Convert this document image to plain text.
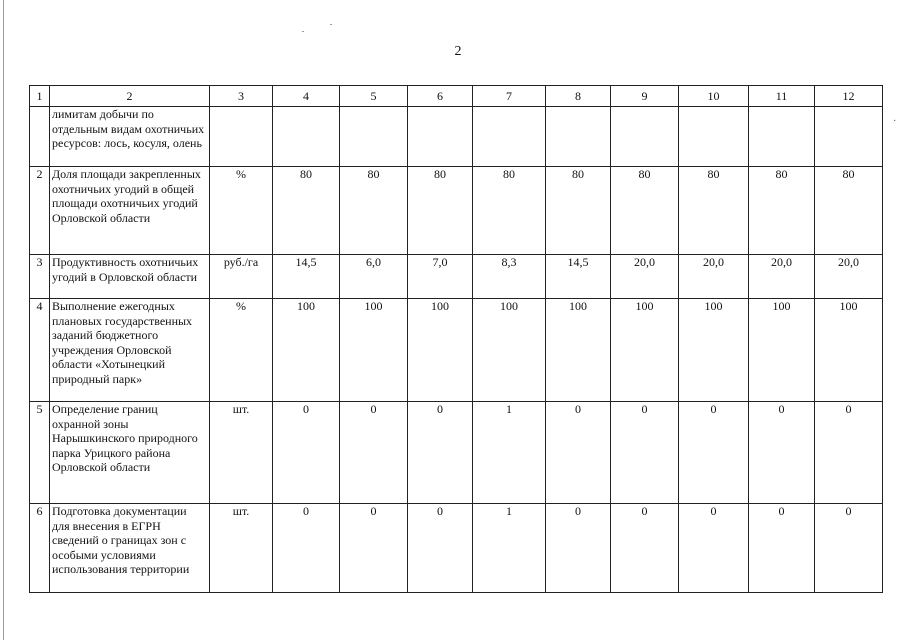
·
2
1	2	3	4	5	6	7	8	9	10	11	12
	лимитам добычи по отдельным видам охотничьих ресурсов: лось, косуля, олень										
2	Доля площади закрепленных охотничьих угодий в общей площади охотничьих угодий Орловской области	%	80	80	80	80	80	80	80	80	80
3	Продуктивность охотничьих угодий в Орловской области	руб./га	14,5	6,0	7,0	8,3	14,5	20,0	20,0	20,0	20,0
4	Выполнение ежегодных плановых государственных заданий бюджетного учреждения Орловской области «Хотынецкий природный парк»	%	100	100	100	100	100	100	100	100	100
5	Определение границ охранной зоны Нарышкинского природного парка Урицкого района Орловской области	шт.	0	0	0	1	0	0	0	0	0
6	Подготовка документации для внесения в ЕГРН сведений о границах зон с особыми условиями использования территории	шт.	0	0	0	1	0	0	0	0	0
